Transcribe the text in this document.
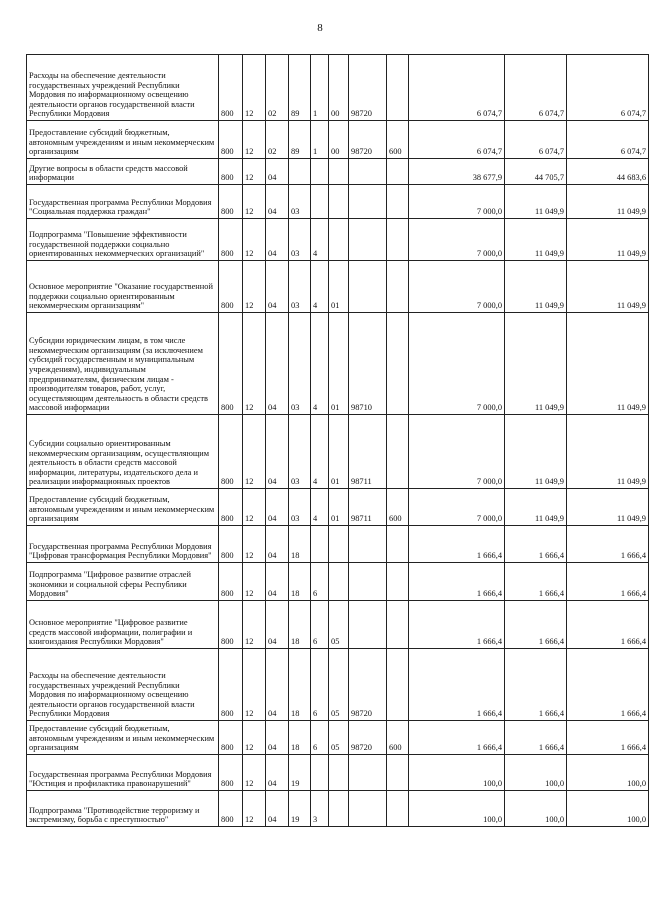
8
Расходы на обеспечение деятельности государственных учреждений Республики Мордовия по информационному освещению деятельности органов государственной власти Республики Мордовия	800	12	02	89	1	00	98720		6 074,7	6 074,7	6 074,7
Предоставление субсидий бюджетным, автономным учреждениям и иным некоммерческим организациям	800	12	02	89	1	00	98720	600	6 074,7	6 074,7	6 074,7
Другие вопросы в области средств массовой информации	800	12	04						38 677,9	44 705,7	44 683,6
Государственная программа Республики Мордовия "Социальная поддержка граждан"	800	12	04	03					7 000,0	11 049,9	11 049,9
Подпрограмма "Повышение эффективности государственной поддержки социально ориентированных некоммерческих организаций"	800	12	04	03	4				7 000,0	11 049,9	11 049,9
Основное мероприятие "Оказание государственной поддержки социально ориентированным некоммерческим организациям"	800	12	04	03	4	01			7 000,0	11 049,9	11 049,9
Субсидии юридическим лицам, в том числе некоммерческим организациям (за исключением субсидий государственным и муниципальным учреждениям), индивидуальным предпринимателям, физическим лицам - производителям товаров, работ, услуг, осуществляющим деятельность в области средств массовой информации	800	12	04	03	4	01	98710		7 000,0	11 049,9	11 049,9
Субсидии социально ориентированным некоммерческим организациям, осуществляющим деятельность в области средств массовой информации, литературы, издательского дела и реализации информационных проектов	800	12	04	03	4	01	98711		7 000,0	11 049,9	11 049,9
Предоставление субсидий бюджетным, автономным учреждениям и иным некоммерческим организациям	800	12	04	03	4	01	98711	600	7 000,0	11 049,9	11 049,9
Государственная программа Республики Мордовия "Цифровая трансформация Республики Мордовия"	800	12	04	18					1 666,4	1 666,4	1 666,4
Подпрограмма "Цифровое развитие отраслей экономики и социальной сферы Республики Мордовия"	800	12	04	18	6				1 666,4	1 666,4	1 666,4
Основное мероприятие "Цифровое развитие средств массовой информации, полиграфии и книгоиздания Республики Мордовия"	800	12	04	18	6	05			1 666,4	1 666,4	1 666,4
Расходы на обеспечение деятельности государственных учреждений Республики Мордовия по информационному освещению деятельности органов государственной власти Республики Мордовия	800	12	04	18	6	05	98720		1 666,4	1 666,4	1 666,4
Предоставление субсидий бюджетным, автономным учреждениям и иным некоммерческим организациям	800	12	04	18	6	05	98720	600	1 666,4	1 666,4	1 666,4
Государственная программа Республики Мордовия "Юстиция и профилактика правонарушений"	800	12	04	19					100,0	100,0	100,0
Подпрограмма "Противодействие терроризму и экстремизму, борьба с преступностью"	800	12	04	19	3				100,0	100,0	100,0
